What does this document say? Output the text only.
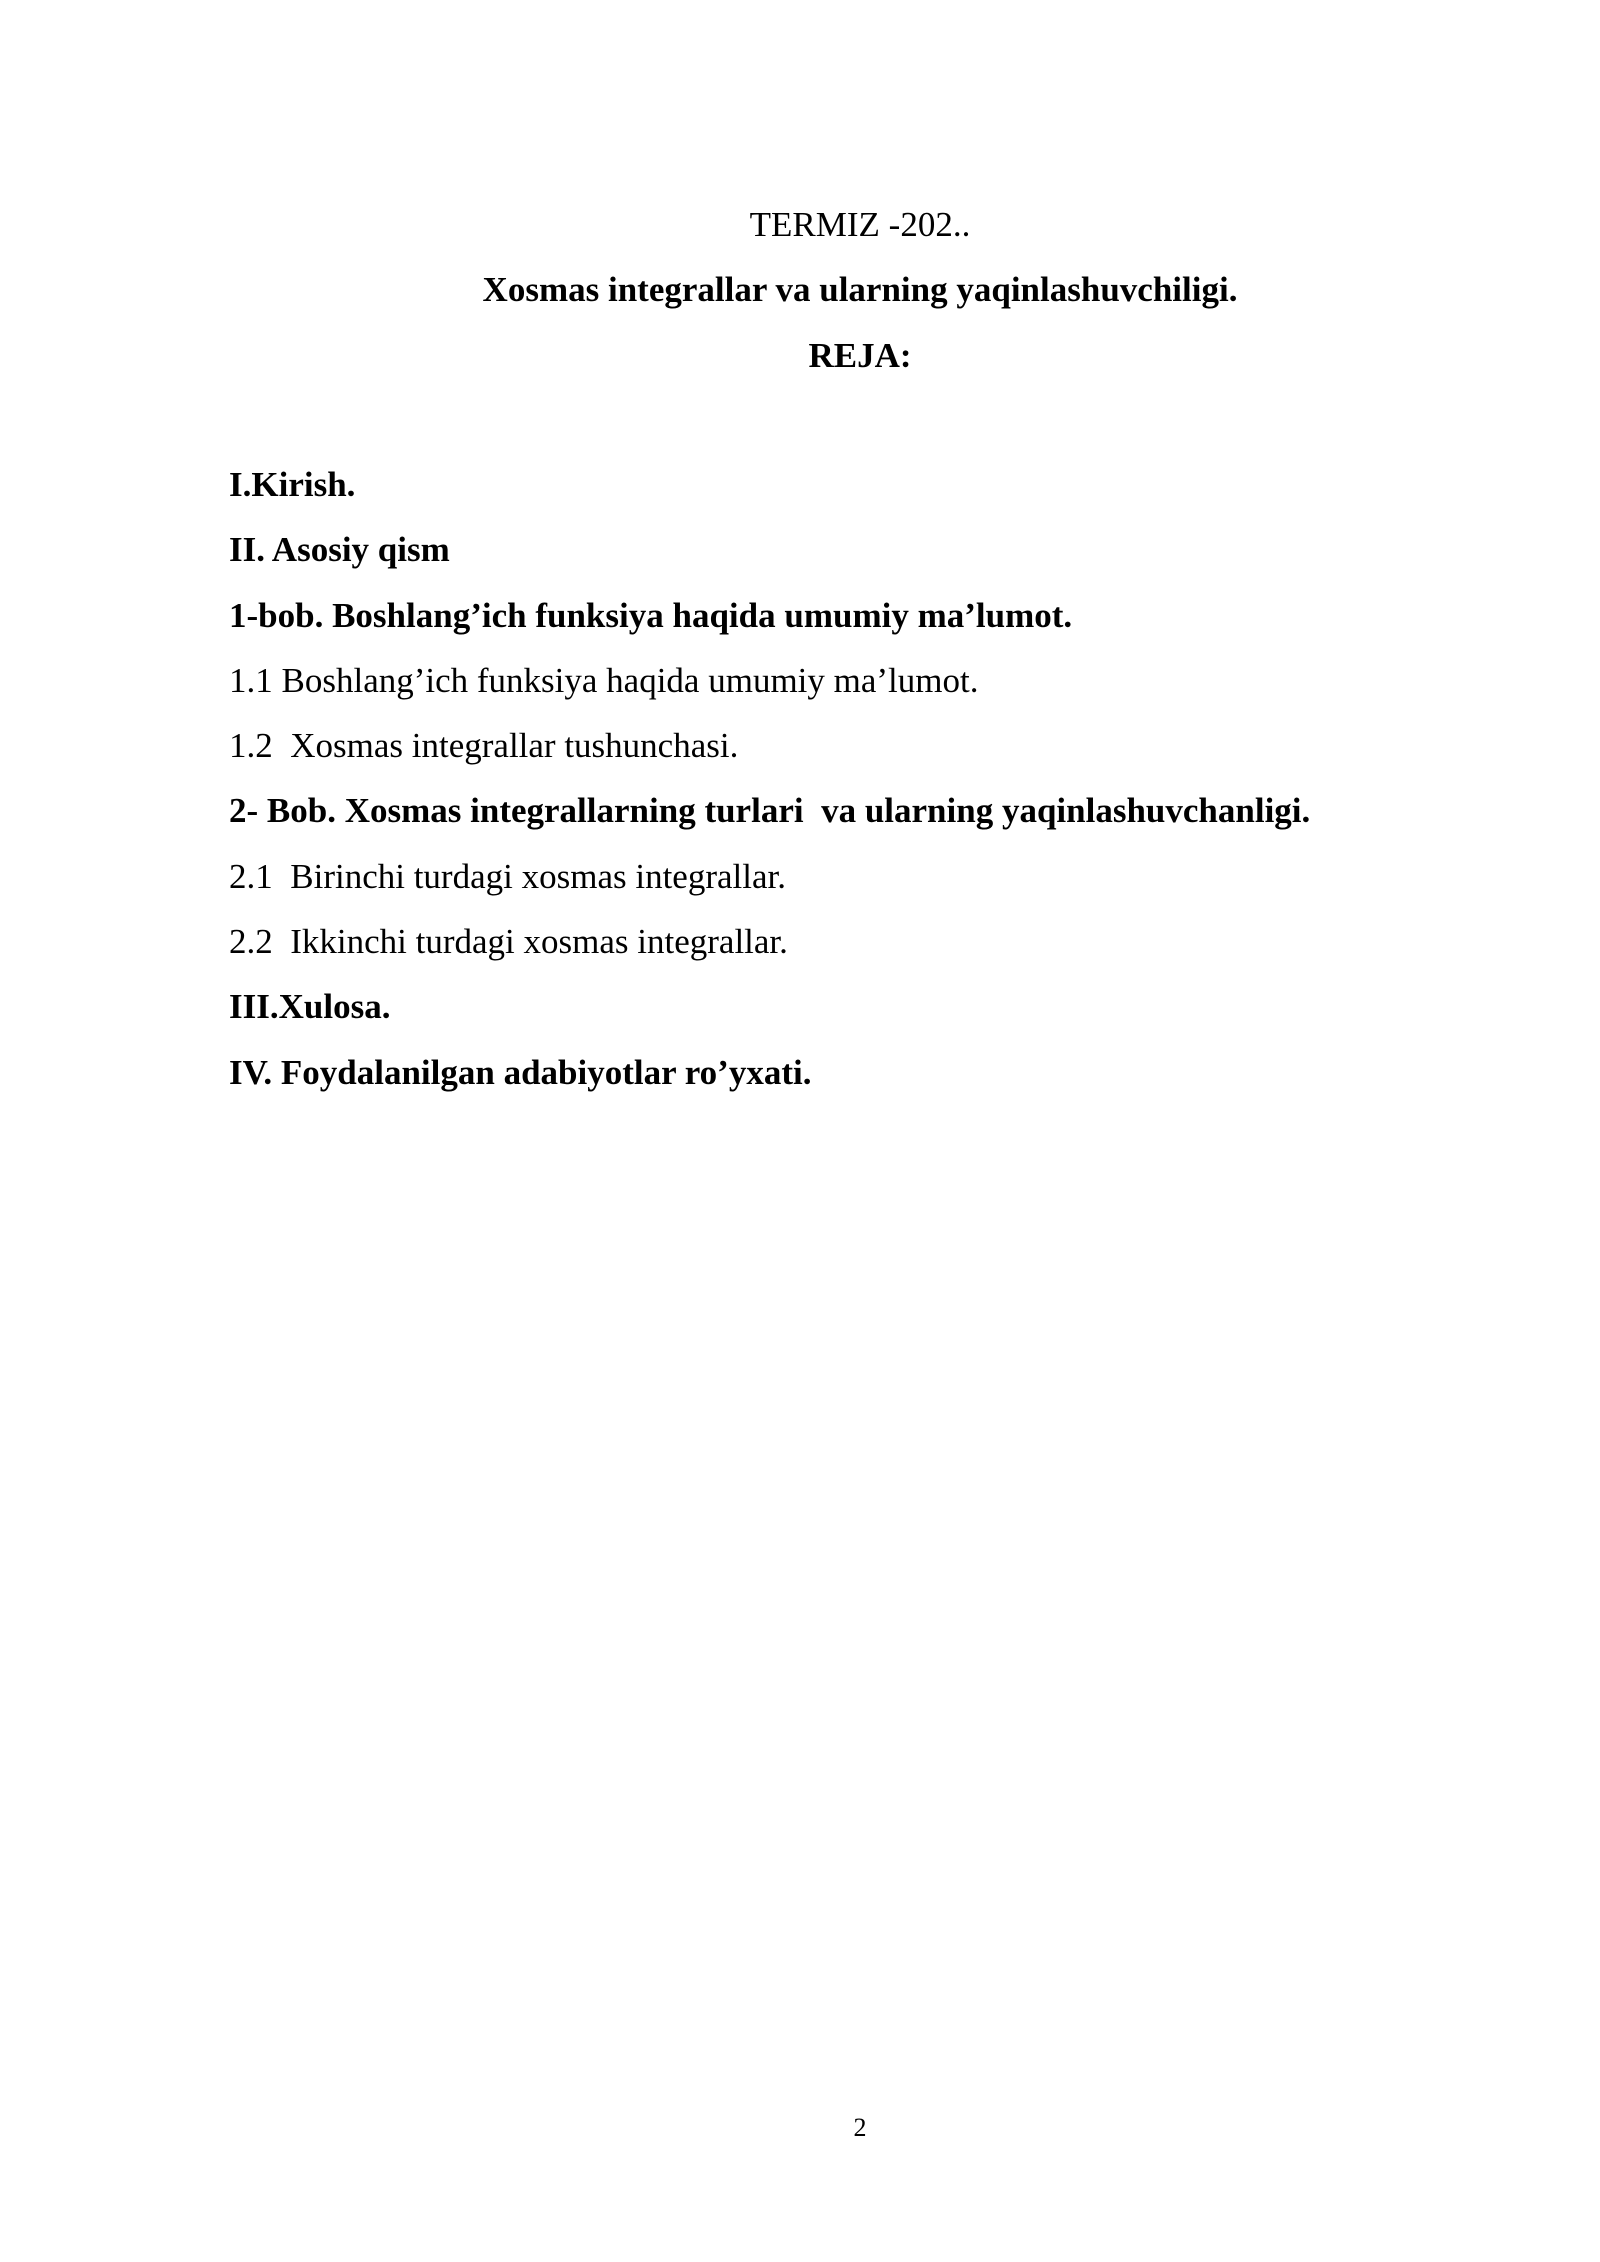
TERMIZ -202..
Xosmas integrallar va ularning yaqinlashuvchiligi.
REJA:
I.Kirish.
II. Asosiy qism
1-bob. Boshlang’ich funksiya haqida umumiy ma’lumot.
1.1 Boshlang’ich funksiya haqida umumiy ma’lumot.
1.2  Xosmas integrallar tushunchasi.
2- Bob. Xosmas integrallarning turlari  va ularning yaqinlashuvchanligi.
2.1  Birinchi turdagi xosmas integrallar.
2.2  Ikkinchi turdagi xosmas integrallar.
III.Xulosa.
IV. Foydalanilgan adabiyotlar ro’yxati.
2
